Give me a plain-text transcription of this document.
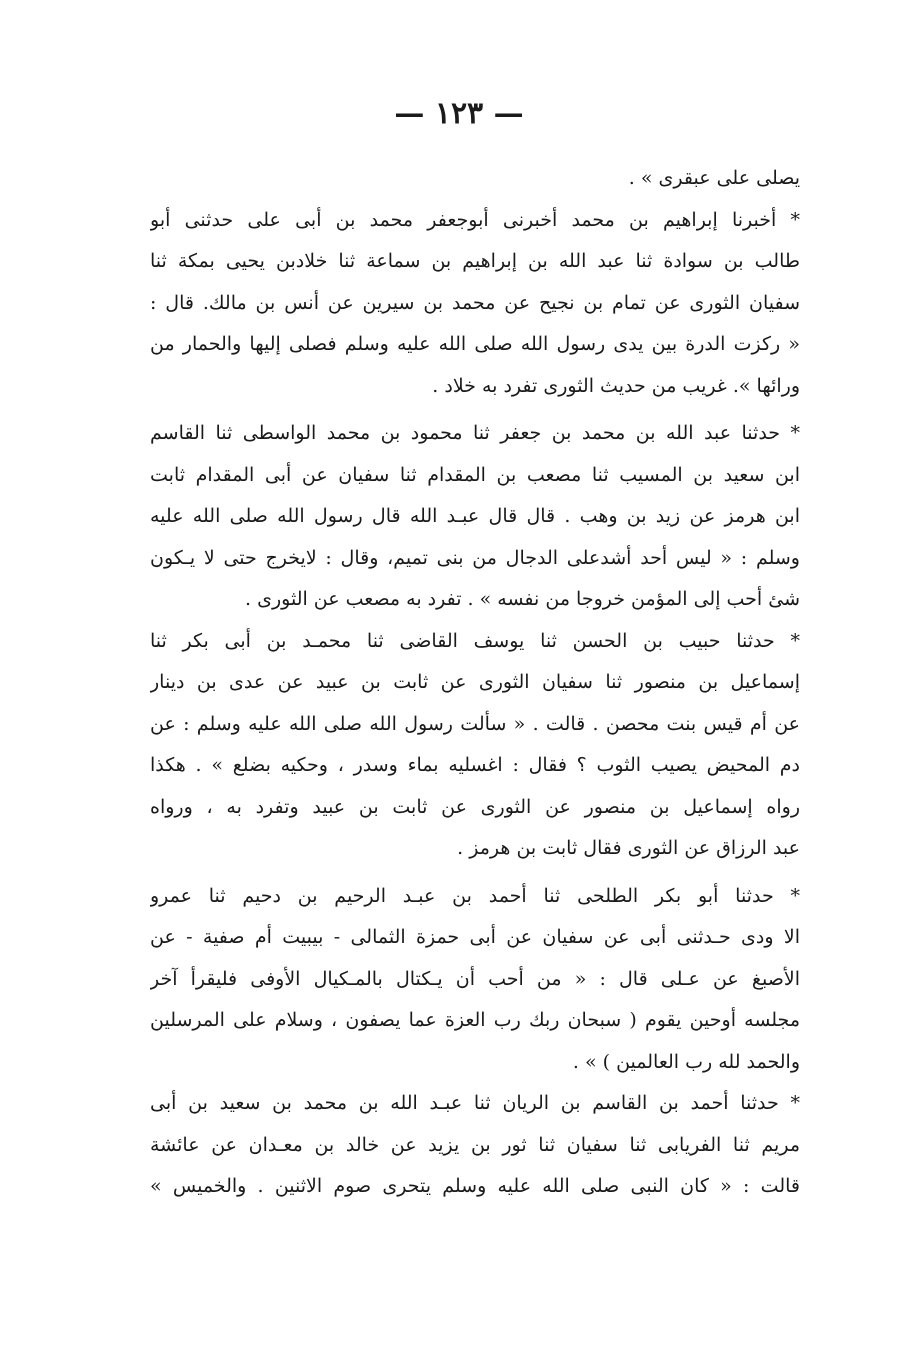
— ١٢٣ —
يصلى على عبقرى » .
* أخبرنا إبراهيم بن محمد أخبرنى أبوجعفر محمد بن أبى على حدثنى أبو
طالب بن سوادة ثنا عبد الله بن إبراهيم بن سماعة ثنا خلادبن يحيى بمكة ثنا
سفيان الثورى عن تمام بن نجيح عن محمد بن سيرين عن أنس بن مالك. قال :
« ركزت الدرة بين يدى رسول الله صلى الله عليه وسلم فصلى إليها والحمار من
ورائها ». غريب من حديث الثورى تفرد به خلاد .
* حدثنا عبد الله بن محمد بن جعفر ثنا محمود بن محمد الواسطى ثنا القاسم
ابن سعيد بن المسيب ثنا مصعب بن المقدام ثنا سفيان عن أبى المقدام ثابت
ابن هرمز عن زيد بن وهب . قال قال عبـد الله قال رسول الله صلى الله عليه
وسلم : « ليس أحد أشدعلى الدجال من بنى تميم، وقال : لايخرج حتى لا يـكون
شئ أحب إلى المؤمن خروجا من نفسه » . تفرد به مصعب عن الثورى .
* حدثنا حبيب بن الحسن ثنا يوسف القاضى ثنا محمـد بن أبى بكر ثنا
إسماعيل بن منصور ثنا سفيان الثورى عن ثابت بن عبيد عن عدى بن دينار
عن أم قيس بنت محصن . قالت . « سألت رسول الله صلى الله عليه وسلم : عن
دم المحيض يصيب الثوب ؟ فقال : اغسليه بماء وسدر ، وحكيه بضلع » . هكذا
رواه إسماعيل بن منصور عن الثورى عن ثابت بن عبيد وتفرد به ، ورواه
عبد الرزاق عن الثورى فقال ثابت بن هرمز .
* حدثنا أبو بكر الطلحى ثنا أحمد بن عبـد الرحيم بن دحيم ثنا عمرو
الا ودى حـدثنى أبى عن سفيان عن أبى حمزة الثمالى - بيبيت أم صفية - عن
الأصبغ عن عـلى قال : « من أحب أن يـكتال بالمـكيال الأوفى فليقرأ آخر
مجلسه أوحين يقوم ( سبحان ربك رب العزة عما يصفون ، وسلام على المرسلين
والحمد لله رب العالمين ) » .
* حدثنا أحمد بن القاسم بن الريان ثنا عبـد الله بن محمد بن سعيد بن أبى
مريم ثنا الفريابى ثنا سفيان ثنا ثور بن يزيد عن خالد بن معـدان عن عائشة
قالت : « كان النبى صلى الله عليه وسلم يتحرى صوم الاثنين . والخميس »
